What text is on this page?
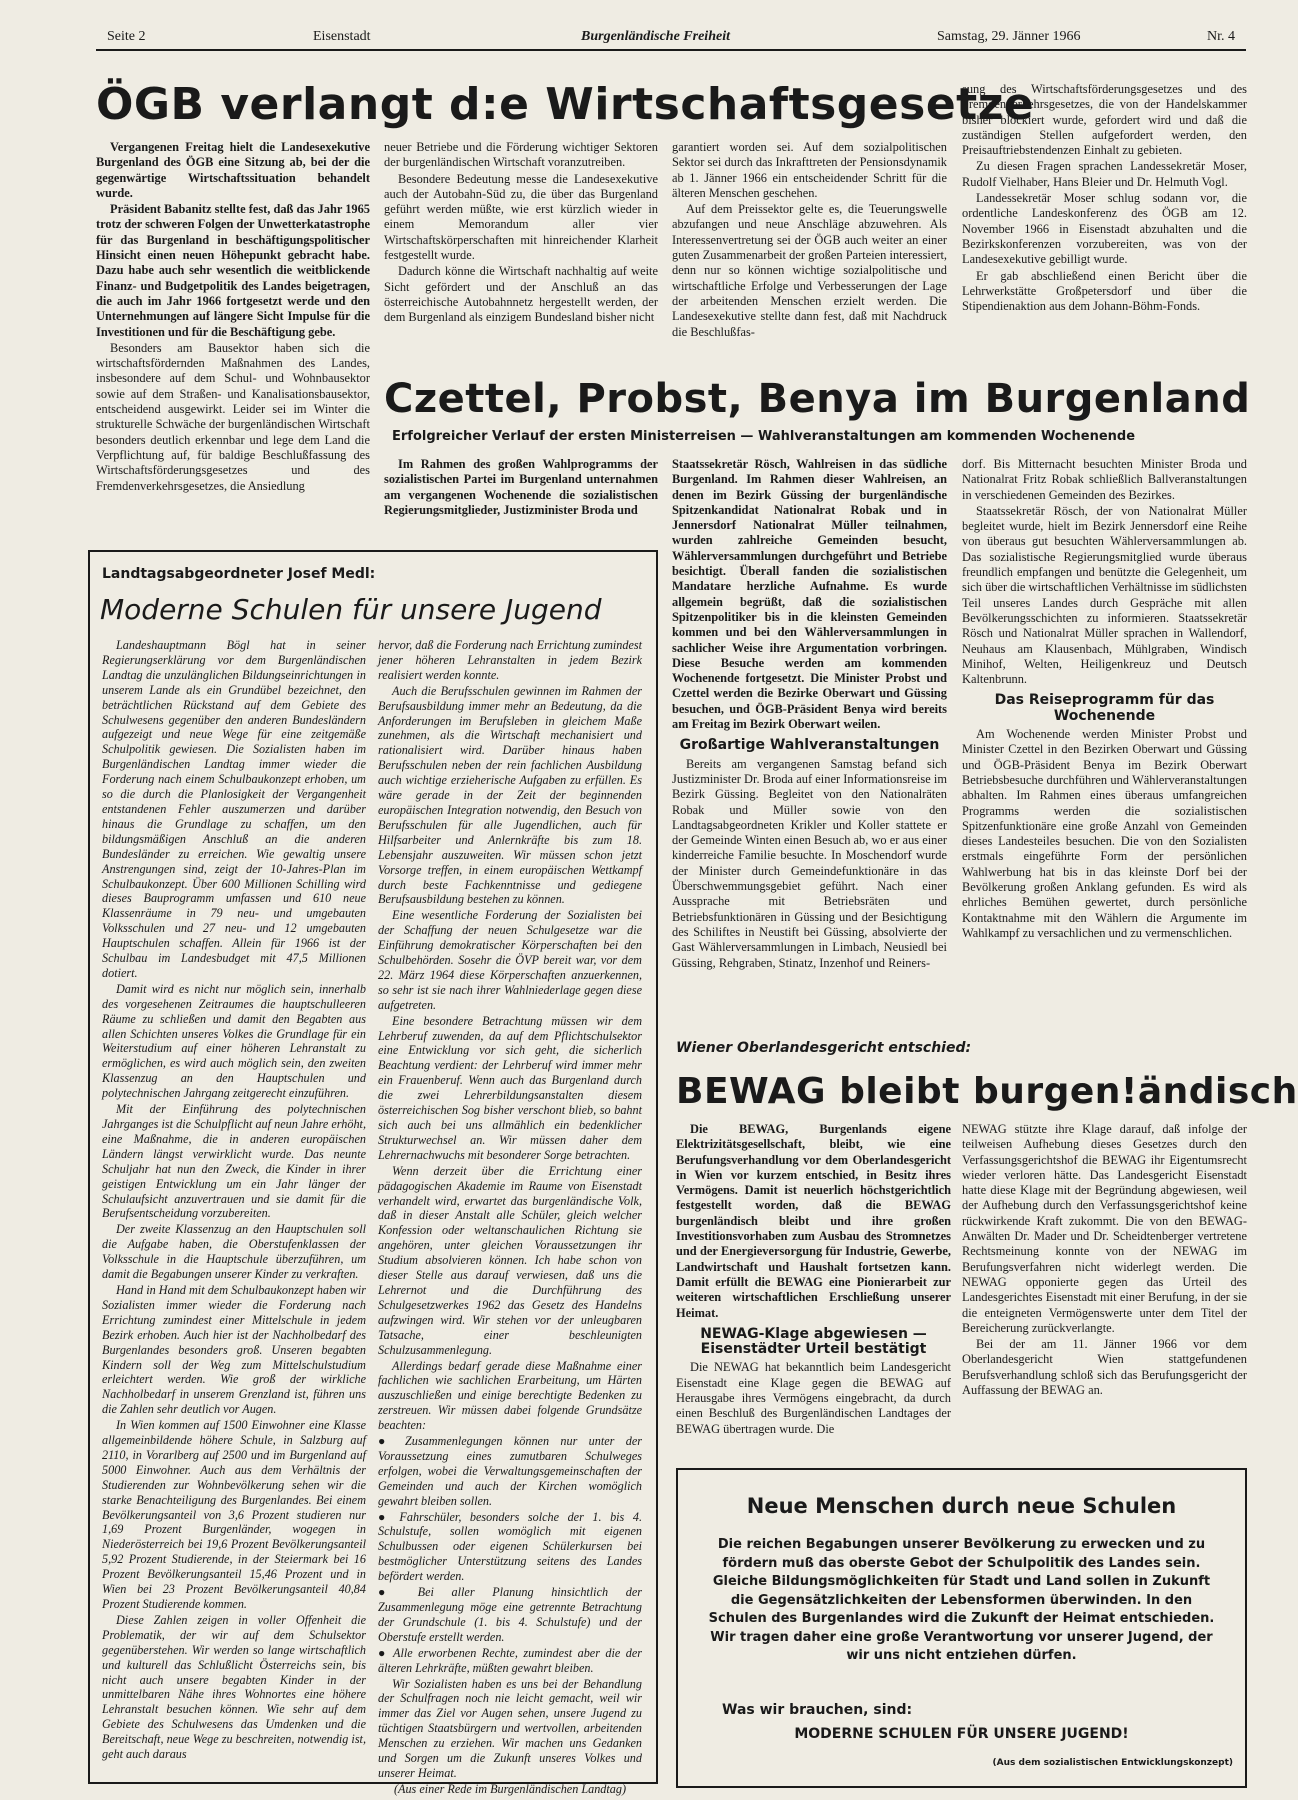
Seite 2	Eisenstadt	Burgenländische Freiheit	Samstag, 29. Jänner 1966	Nr. 4
ÖGB verlangt d:e Wirtschaftsgesetze

Vergangenen Freitag hielt die Landesexekutive Burgenland des ÖGB eine Sitzung ab, bei der die gegenwärtige Wirtschaftssituation behandelt wurde.

Präsident Babanitz stellte fest, daß das Jahr 1965 trotz der schweren Folgen der Unwetterkatastrophe für das Burgenland in beschäftigungspolitischer Hinsicht einen neuen Höhepunkt gebracht habe. Dazu habe auch sehr wesentlich die weitblickende Finanz- und Budgetpolitik des Landes beigetragen, die auch im Jahr 1966 fortgesetzt werde und den Unternehmungen auf längere Sicht Impulse für die Investitionen und für die Beschäftigung gebe.

Besonders am Bausektor haben sich die wirtschaftsfördernden Maßnahmen des Landes, insbesondere auf dem Schul- und Wohnbausektor sowie auf dem Straßen- und Kanalisationsbausektor, entscheidend ausgewirkt. Leider sei im Winter die strukturelle Schwäche der burgenländischen Wirtschaft besonders deutlich erkennbar und lege dem Land die Verpflichtung auf, für baldige Beschlußfassung des Wirtschaftsförderungsgesetzes und des Fremdenverkehrsgesetzes, die Ansiedlung

neuer Betriebe und die Förderung wichtiger Sektoren der burgenländischen Wirtschaft voranzutreiben.

Besondere Bedeutung messe die Landesexekutive auch der Autobahn-Süd zu, die über das Burgenland geführt werden müßte, wie erst kürzlich wieder in einem Memorandum aller vier Wirtschaftskörperschaften mit hinreichender Klarheit festgestellt wurde.

Dadurch könne die Wirtschaft nachhaltig auf weite Sicht gefördert und der Anschluß an das österreichische Autobahnnetz hergestellt werden, der dem Burgenland als einzigem Bundesland bisher nicht

garantiert worden sei. Auf dem sozialpolitischen Sektor sei durch das Inkrafttreten der Pensionsdynamik ab 1. Jänner 1966 ein entscheidender Schritt für die älteren Menschen geschehen.

Auf dem Preissektor gelte es, die Teuerungswelle abzufangen und neue Anschläge abzuwehren. Als Interessenvertretung sei der ÖGB auch weiter an einer guten Zusammenarbeit der großen Parteien interessiert, denn nur so können wichtige sozialpolitische und wirtschaftliche Erfolge und Verbesserungen der Lage der arbeitenden Menschen erzielt werden. Die Landesexekutive stellte dann fest, daß mit Nachdruck die Beschlußfas-

sung des Wirtschaftsförderungsgesetzes und des Fremdenverkehrsgesetzes, die von der Handelskammer bisher blockiert wurde, gefordert wird und daß die zuständigen Stellen aufgefordert werden, den Preisauftriebstendenzen Einhalt zu gebieten.

Zu diesen Fragen sprachen Landessekretär Moser, Rudolf Vielhaber, Hans Bleier und Dr. Helmuth Vogl.

Landessekretär Moser schlug sodann vor, die ordentliche Landeskonferenz des ÖGB am 12. November 1966 in Eisenstadt abzuhalten und die Bezirkskonferenzen vorzubereiten, was von der Landesexekutive gebilligt wurde.

Er gab abschließend einen Bericht über die Lehrwerkstätte Großpetersdorf und über die Stipendienaktion aus dem Johann-Böhm-Fonds.

Czettel, Probst, Benya im Burgenland
Erfolgreicher Verlauf der ersten Ministerreisen — Wahlveranstaltungen am kommenden Wochenende

Im Rahmen des großen Wahlprogramms der sozialistischen Partei im Burgenland unternahmen am vergangenen Wochenende die sozialistischen Regierungsmitglieder, Justizminister Broda und

Staatssekretär Rösch, Wahlreisen in das südliche Burgenland. Im Rahmen dieser Wahlreisen, an denen im Bezirk Güssing der burgenländische Spitzenkandidat Nationalrat Robak und in Jennersdorf Nationalrat Müller teilnahmen, wurden zahlreiche Gemeinden besucht, Wählerversammlungen durchgeführt und Betriebe besichtigt. Überall fanden die sozialistischen Mandatare herzliche Aufnahme. Es wurde allgemein begrüßt, daß die sozialistischen Spitzenpolitiker bis in die kleinsten Gemeinden kommen und bei den Wählerversammlungen in sachlicher Weise ihre Argumentation vorbringen. Diese Besuche werden am kommenden Wochenende fortgesetzt. Die Minister Probst und Czettel werden die Bezirke Oberwart und Güssing besuchen, und ÖGB-Präsident Benya wird bereits am Freitag im Bezirk Oberwart weilen.

Großartige Wahlveranstaltungen

Bereits am vergangenen Samstag befand sich Justizminister Dr. Broda auf einer Informationsreise im Bezirk Güssing. Begleitet von den Nationalräten Robak und Müller sowie von den Landtagsabgeordneten Krikler und Koller stattete er der Gemeinde Winten einen Besuch ab, wo er aus einer kinderreiche Familie besuchte. In Moschendorf wurde der Minister durch Gemeindefunktionäre in das Überschwemmungsgebiet geführt. Nach einer Aussprache mit Betriebsräten und Betriebsfunktionären in Güssing und der Besichtigung des Schiliftes in Neustift bei Güssing, absolvierte der Gast Wählerversammlungen in Limbach, Neusiedl bei Güssing, Rehgraben, Stinatz, Inzenhof und Reiners-

dorf. Bis Mitternacht besuchten Minister Broda und Nationalrat Fritz Robak schließlich Ballveranstaltungen in verschiedenen Gemeinden des Bezirkes.

Staatssekretär Rösch, der von Nationalrat Müller begleitet wurde, hielt im Bezirk Jennersdorf eine Reihe von überaus gut besuchten Wählerversammlungen ab. Das sozialistische Regierungsmitglied wurde überaus freundlich empfangen und benützte die Gelegenheit, um sich über die wirtschaftlichen Verhältnisse im südlichsten Teil unseres Landes durch Gespräche mit allen Bevölkerungsschichten zu informieren. Staatssekretär Rösch und Nationalrat Müller sprachen in Wallendorf, Neuhaus am Klausenbach, Mühlgraben, Windisch Minihof, Welten, Heiligenkreuz und Deutsch Kaltenbrunn.

Das Reiseprogramm für das Wochenende

Am Wochenende werden Minister Probst und Minister Czettel in den Bezirken Oberwart und Güssing und ÖGB-Präsident Benya im Bezirk Oberwart Betriebsbesuche durchführen und Wählerveranstaltungen abhalten. Im Rahmen eines überaus umfangreichen Programms werden die sozialistischen Spitzenfunktionäre eine große Anzahl von Gemeinden dieses Landesteiles besuchen. Die von den Sozialisten erstmals eingeführte Form der persönlichen Wahlwerbung hat bis in das kleinste Dorf bei der Bevölkerung großen Anklang gefunden. Es wird als ehrliches Bemühen gewertet, durch persönliche Kontaktnahme mit den Wählern die Argumente im Wahlkampf zu versachlichen und zu vermenschlichen.

Landtagsabgeordneter Josef Medl:
Moderne Schulen für unsere Jugend

Landeshauptmann Bögl hat in seiner Regierungserklärung vor dem Burgenländischen Landtag die unzulänglichen Bildungseinrichtungen in unserem Lande als ein Grundübel bezeichnet, den beträchtlichen Rückstand auf dem Gebiete des Schulwesens gegenüber den anderen Bundesländern aufgezeigt und neue Wege für eine zeitgemäße Schulpolitik gewiesen. Die Sozialisten haben im Burgenländischen Landtag immer wieder die Forderung nach einem Schulbaukonzept erhoben, um so die durch die Planlosigkeit der Vergangenheit entstandenen Fehler auszumerzen und darüber hinaus die Grundlage zu schaffen, um den bildungsmäßigen Anschluß an die anderen Bundesländer zu erreichen. Wie gewaltig unsere Anstrengungen sind, zeigt der 10-Jahres-Plan im Schulbaukonzept. Über 600 Millionen Schilling wird dieses Bauprogramm umfassen und 610 neue Klassenräume in 79 neu- und umgebauten Volksschulen und 27 neu- und 12 umgebauten Hauptschulen schaffen. Allein für 1966 ist der Schulbau im Landesbudget mit 47,5 Millionen dotiert.

Damit wird es nicht nur möglich sein, innerhalb des vorgesehenen Zeitraumes die hauptschulleeren Räume zu schließen und damit den Begabten aus allen Schichten unseres Volkes die Grundlage für ein Weiterstudium auf einer höheren Lehranstalt zu ermöglichen, es wird auch möglich sein, den zweiten Klassenzug an den Hauptschulen und polytechnischen Jahrgang zeitgerecht einzuführen.

Mit der Einführung des polytechnischen Jahrganges ist die Schulpflicht auf neun Jahre erhöht, eine Maßnahme, die in anderen europäischen Ländern längst verwirklicht wurde. Das neunte Schuljahr hat nun den Zweck, die Kinder in ihrer geistigen Entwicklung um ein Jahr länger der Schulaufsicht anzuvertrauen und sie damit für die Berufsentscheidung vorzubereiten.

Der zweite Klassenzug an den Hauptschulen soll die Aufgabe haben, die Oberstufenklassen der Volksschule in die Hauptschule überzuführen, um damit die Begabungen unserer Kinder zu verkraften.

Hand in Hand mit dem Schulbaukonzept haben wir Sozialisten immer wieder die Forderung nach Errichtung zumindest einer Mittelschule in jedem Bezirk erhoben. Auch hier ist der Nachholbedarf des Burgenlandes besonders groß. Unseren begabten Kindern soll der Weg zum Mittelschulstudium erleichtert werden. Wie groß der wirkliche Nachholbedarf in unserem Grenzland ist, führen uns die Zahlen sehr deutlich vor Augen.

In Wien kommen auf 1500 Einwohner eine Klasse allgemeinbildende höhere Schule, in Salzburg auf 2110, in Vorarlberg auf 2500 und im Burgenland auf 5000 Einwohner. Auch aus dem Verhältnis der Studierenden zur Wohnbevölkerung sehen wir die starke Benachteiligung des Burgenlandes. Bei einem Bevölkerungsanteil von 3,6 Prozent studieren nur 1,69 Prozent Burgenländer, wogegen in Niederösterreich bei 19,6 Prozent Bevölkerungsanteil 5,92 Prozent Studierende, in der Steiermark bei 16 Prozent Bevölkerungsanteil 15,46 Prozent und in Wien bei 23 Prozent Bevölkerungsanteil 40,84 Prozent Studierende kommen.

Diese Zahlen zeigen in voller Offenheit die Problematik, der wir auf dem Schulsektor gegenüberstehen. Wir werden so lange wirtschaftlich und kulturell das Schlußlicht Österreichs sein, bis nicht auch unsere begabten Kinder in der unmittelbaren Nähe ihres Wohnortes eine höhere Lehranstalt besuchen können. Wie sehr auf dem Gebiete des Schulwesens das Umdenken und die Bereitschaft, neue Wege zu beschreiten, notwendig ist, geht auch daraus

hervor, daß die Forderung nach Errichtung zumindest jener höheren Lehranstalten in jedem Bezirk realisiert werden konnte.

Auch die Berufsschulen gewinnen im Rahmen der Berufsausbildung immer mehr an Bedeutung, da die Anforderungen im Berufsleben in gleichem Maße zunehmen, als die Wirtschaft mechanisiert und rationalisiert wird. Darüber hinaus haben Berufsschulen neben der rein fachlichen Ausbildung auch wichtige erzieherische Aufgaben zu erfüllen. Es wäre gerade in der Zeit der beginnenden europäischen Integration notwendig, den Besuch von Berufsschulen für alle Jugendlichen, auch für Hilfsarbeiter und Anlernkräfte bis zum 18. Lebensjahr auszuweiten. Wir müssen schon jetzt Vorsorge treffen, in einem europäischen Wettkampf durch beste Fachkenntnisse und gediegene Berufsausbildung bestehen zu können.

Eine wesentliche Forderung der Sozialisten bei der Schaffung der neuen Schulgesetze war die Einführung demokratischer Körperschaften bei den Schulbehörden. Sosehr die ÖVP bereit war, vor dem 22. März 1964 diese Körperschaften anzuerkennen, so sehr ist sie nach ihrer Wahlniederlage gegen diese aufgetreten.

Eine besondere Betrachtung müssen wir dem Lehrberuf zuwenden, da auf dem Pflichtschulsektor eine Entwicklung vor sich geht, die sicherlich Beachtung verdient: der Lehrberuf wird immer mehr ein Frauenberuf. Wenn auch das Burgenland durch die zwei Lehrerbildungsanstalten diesem österreichischen Sog bisher verschont blieb, so bahnt sich auch bei uns allmählich ein bedenklicher Strukturwechsel an. Wir müssen daher dem Lehrernachwuchs mit besonderer Sorge betrachten.

Wenn derzeit über die Errichtung einer pädagogischen Akademie im Raume von Eisenstadt verhandelt wird, erwartet das burgenländische Volk, daß in dieser Anstalt alle Schüler, gleich welcher Konfession oder weltanschaulichen Richtung sie angehören, unter gleichen Voraussetzungen ihr Studium absolvieren können. Ich habe schon von dieser Stelle aus darauf verwiesen, daß uns die Lehrernot und die Durchführung des Schulgesetzwerkes 1962 das Gesetz des Handelns aufzwingen wird. Wir stehen vor der unleugbaren Tatsache, einer beschleunigten Schulzusammenlegung.

Allerdings bedarf gerade diese Maßnahme einer fachlichen wie sachlichen Erarbeitung, um Härten auszuschließen und einige berechtigte Bedenken zu zerstreuen. Wir müssen dabei folgende Grundsätze beachten:

● Zusammenlegungen können nur unter der Voraussetzung eines zumutbaren Schulweges erfolgen, wobei die Verwaltungsgemeinschaften der Gemeinden und auch der Kirchen womöglich gewahrt bleiben sollen.

● Fahrschüler, besonders solche der 1. bis 4. Schulstufe, sollen womöglich mit eigenen Schulbussen oder eigenen Schülerkursen bei bestmöglicher Unterstützung seitens des Landes befördert werden.

● Bei aller Planung hinsichtlich der Zusammenlegung möge eine getrennte Betrachtung der Grundschule (1. bis 4. Schulstufe) und der Oberstufe erstellt werden.

● Alle erworbenen Rechte, zumindest aber die der älteren Lehrkräfte, müßten gewahrt bleiben.

Wir Sozialisten haben es uns bei der Behandlung der Schulfragen noch nie leicht gemacht, weil wir immer das Ziel vor Augen sehen, unsere Jugend zu tüchtigen Staatsbürgern und wertvollen, arbeitenden Menschen zu erziehen. Wir machen uns Gedanken und Sorgen um die Zukunft unseres Volkes und unserer Heimat.

(Aus einer Rede im Burgenländischen Landtag)

Wiener Oberlandesgericht entschied:
BEWAG bleibt burgen!ändisch

Die BEWAG, Burgenlands eigene Elektrizitätsgesellschaft, bleibt, wie eine Berufungsverhandlung vor dem Oberlandesgericht in Wien vor kurzem entschied, in Besitz ihres Vermögens. Damit ist neuerlich höchstgerichtlich festgestellt worden, daß die BEWAG burgenländisch bleibt und ihre großen Investitionsvorhaben zum Ausbau des Stromnetzes und der Energieversorgung für Industrie, Gewerbe, Landwirtschaft und Haushalt fortsetzen kann. Damit erfüllt die BEWAG eine Pionierarbeit zur weiteren wirtschaftlichen Erschließung unserer Heimat.

NEWAG-Klage abgewiesen — Eisenstädter Urteil bestätigt

Die NEWAG hat bekanntlich beim Landesgericht Eisenstadt eine Klage gegen die BEWAG auf Herausgabe ihres Vermögens eingebracht, da durch einen Beschluß des Burgenländischen Landtages der BEWAG übertragen wurde. Die

NEWAG stützte ihre Klage darauf, daß infolge der teilweisen Aufhebung dieses Gesetzes durch den Verfassungsgerichtshof die BEWAG ihr Eigentumsrecht wieder verloren hätte. Das Landesgericht Eisenstadt hatte diese Klage mit der Begründung abgewiesen, weil der Aufhebung durch den Verfassungsgerichtshof keine rückwirkende Kraft zukommt. Die von den BEWAG-Anwälten Dr. Mader und Dr. Scheidtenberger vertretene Rechtsmeinung konnte von der NEWAG im Berufungsverfahren nicht widerlegt werden. Die NEWAG opponierte gegen das Urteil des Landesgerichtes Eisenstadt mit einer Berufung, in der sie die enteigneten Vermögenswerte unter dem Titel der Bereicherung zurückverlangte.

Bei der am 11. Jänner 1966 vor dem Oberlandesgericht Wien stattgefundenen Berufsverhandlung schloß sich das Berufungsgericht der Auffassung der BEWAG an.

Neue Menschen durch neue Schulen
Die reichen Begabungen unserer Bevölkerung zu erwecken und zu fördern muß das oberste Gebot der Schulpolitik des Landes sein. Gleiche Bildungsmöglichkeiten für Stadt und Land sollen in Zukunft die Gegensätzlichkeiten der Lebensformen überwinden. In den Schulen des Burgenlandes wird die Zukunft der Heimat entschieden. Wir tragen daher eine große Verantwortung vor unserer Jugend, der wir uns nicht entziehen dürfen.
Was wir brauchen, sind:
MODERNE SCHULEN FÜR UNSERE JUGEND!
(Aus dem sozialistischen Entwicklungskonzept)
